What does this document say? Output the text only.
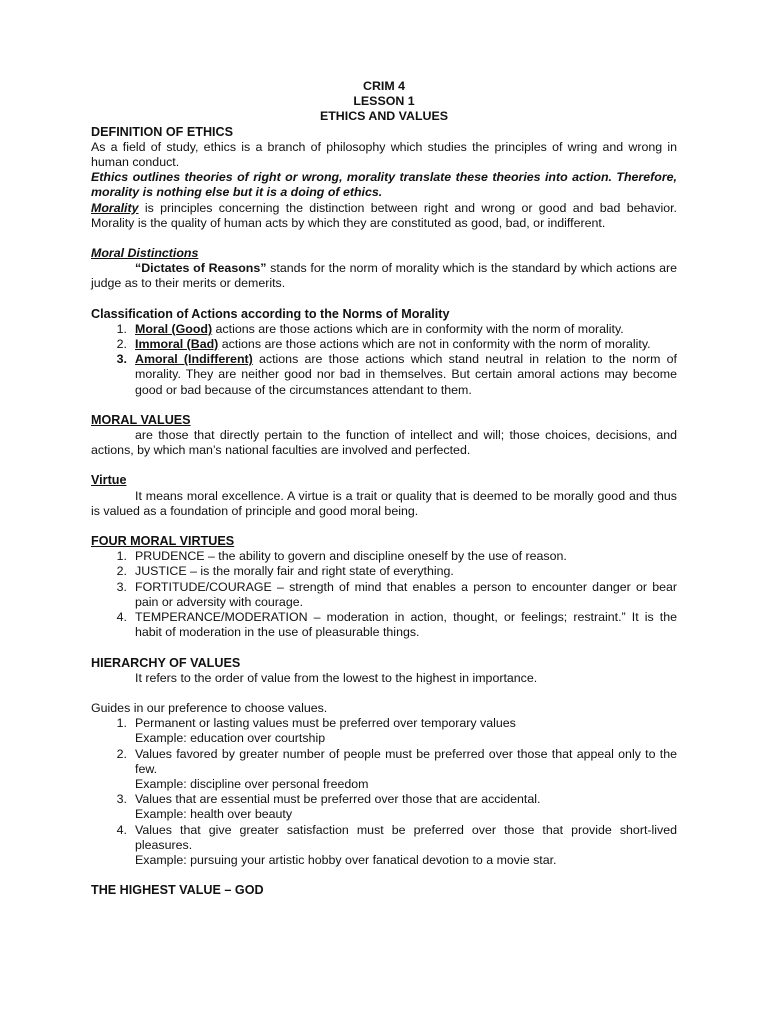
CRIM 4
LESSON 1
ETHICS AND VALUES
DEFINITION OF ETHICS

As a field of study, ethics is a branch of philosophy which studies the principles of wring and wrong in human conduct.

Ethics outlines theories of right or wrong, morality translate these theories into action. Therefore, morality is nothing else but it is a doing of ethics.

Morality is principles concerning the distinction between right and wrong or good and bad behavior. Morality is the quality of human acts by which they are constituted as good, bad, or indifferent.

Moral Distinctions

“Dictates of Reasons” stands for the norm of morality which is the standard by which actions are judge as to their merits or demerits.

Classification of Actions according to the Norms of Morality
1. Moral (Good) actions are those actions which are in conformity with the norm of morality.
2. Immoral (Bad) actions are those actions which are not in conformity with the norm of morality.
3. Amoral (Indifferent) actions are those actions which stand neutral in relation to the norm of morality. They are neither good nor bad in themselves. But certain amoral actions may become good or bad because of the circumstances attendant to them.
MORAL VALUES

are those that directly pertain to the function of intellect and will; those choices, decisions, and actions, by which man’s national faculties are involved and perfected.

Virtue

It means moral excellence. A virtue is a trait or quality that is deemed to be morally good and thus is valued as a foundation of principle and good moral being.

FOUR MORAL VIRTUES
1. PRUDENCE – the ability to govern and discipline oneself by the use of reason.
2. JUSTICE – is the morally fair and right state of everything.
3. FORTITUDE/COURAGE – strength of mind that enables a person to encounter danger or bear pain or adversity with courage.
4. TEMPERANCE/MODERATION – moderation in action, thought, or feelings; restraint.” It is the habit of moderation in the use of pleasurable things.
HIERARCHY OF VALUES

It refers to the order of value from the lowest to the highest in importance.

Guides in our preference to choose values.

1. Permanent or lasting values must be preferred over temporary values
Example: education over courtship
2. Values favored by greater number of people must be preferred over those that appeal only to the few.
Example: discipline over personal freedom
3. Values that are essential must be preferred over those that are accidental.
Example: health over beauty
4. Values that give greater satisfaction must be preferred over those that provide short-lived pleasures.
Example: pursuing your artistic hobby over fanatical devotion to a movie star.
THE HIGHEST VALUE – GOD
